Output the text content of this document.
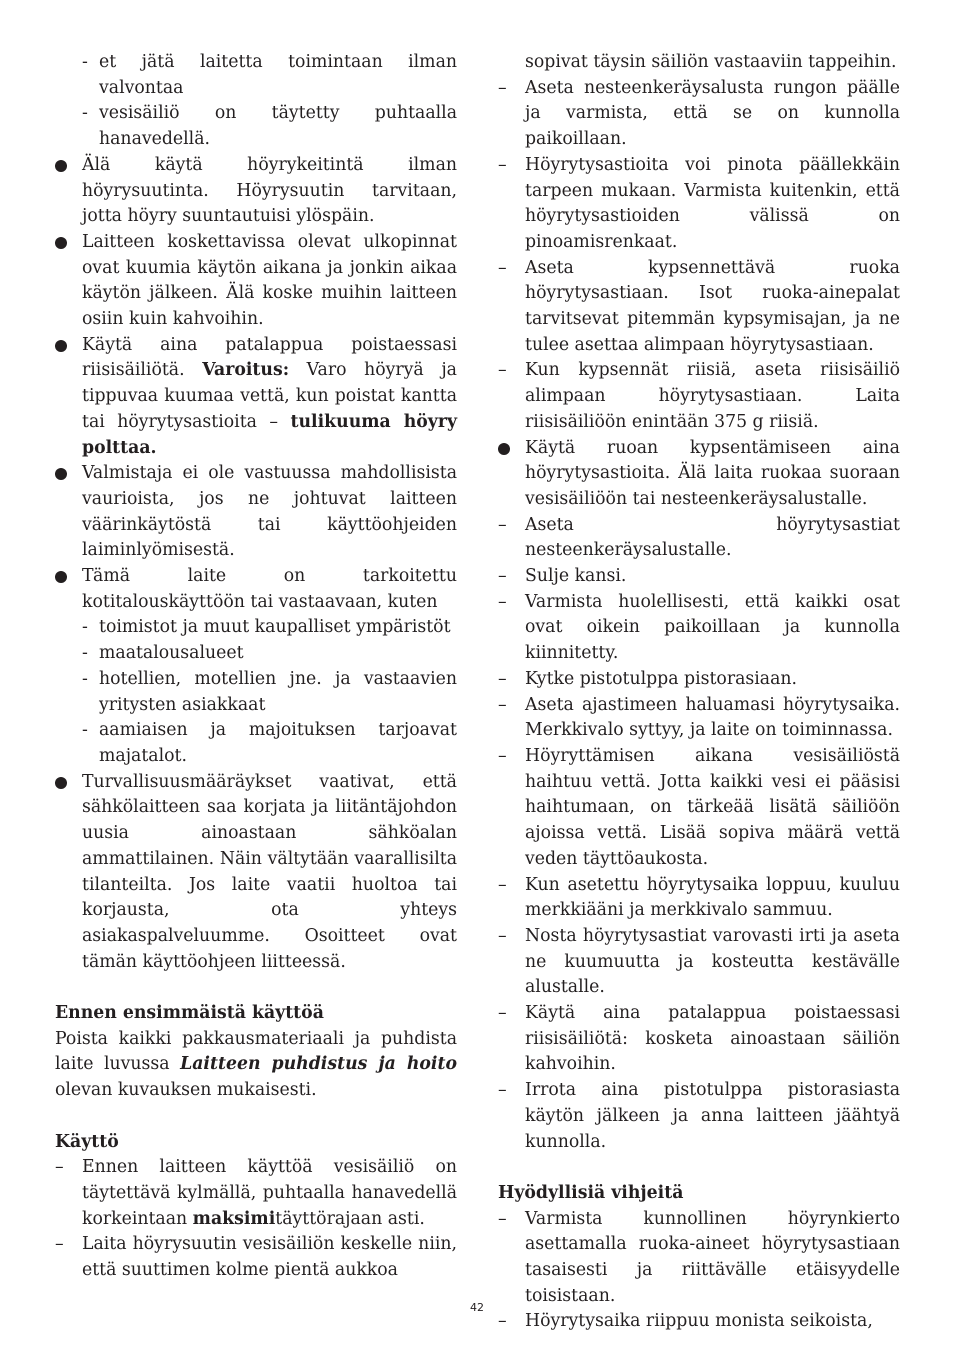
- et jätä laitetta toimintaan ilman valvontaa
- vesisäiliö on täytetty puhtaalla hanavedellä.
Älä käytä höyrykeitintä ilman höyrysuutinta. Höyrysuutin tarvitaan, jotta höyry suuntautuisi ylöspäin.
Laitteen koskettavissa olevat ulkopinnat ovat kuumia käytön aikana ja jonkin aikaa käytön jälkeen. Älä koske muihin laitteen osiin kuin kahvoihin.
Käytä aina patalappua poistaessasi riisisäiliötä. Varoitus: Varo höyryä ja tippuvaa kuumaa vettä, kun poistat kantta tai höyrytysastioita – tulikuuma höyry polttaa.
Valmistaja ei ole vastuussa mahdollisista vaurioista, jos ne johtuvat laitteen väärinkäytöstä tai käyttöohjeiden laiminlyömisestä.
Tämä laite on tarkoitettu kotitalouskäyttöön tai vastaavaan, kuten
- toimistot ja muut kaupalliset ympäristöt
- maatalousalueet
- hotellien, motellien jne. ja vastaavien yritysten asiakkaat
- aamiaisen ja majoituksen tarjoavat majatalot.
Turvallisuusmääräykset vaativat, että sähkölaitteen saa korjata ja liitäntäjohdon uusia ainoastaan sähköalan ammattilainen. Näin vältytään vaarallisilta tilanteilta. Jos laite vaatii huoltoa tai korjausta, ota yhteys asiakaspalveluumme. Osoitteet ovat tämän käyttöohjeen liitteessä.
Ennen ensimmäistä käyttöä
Poista kaikki pakkausmateriaali ja puhdista laite luvussa Laitteen puhdistus ja hoito olevan kuvauksen mukaisesti.
Käyttö
– Ennen laitteen käyttöä vesisäiliö on täytettävä kylmällä, puhtaalla hanavedellä korkeintaan maksimitäyttörajaan asti.
– Laita höyrysuutin vesisäiliön keskelle niin, että suuttimen kolme pientä aukkoa
sopivat täysin säiliön vastaaviin tappeihin.
– Aseta nesteenkeräysalusta rungon päälle ja varmista, että se on kunnolla paikoillaan.
– Höyrytysastioita voi pinota päällekkäin tarpeen mukaan. Varmista kuitenkin, että höyrytysastioiden välissä on pinoamisrenkaat.
– Aseta kypsennettävä ruoka höyrytysastiaan. Isot ruoka-ainepalat tarvitsevat pitemmän kypsymisajan, ja ne tulee asettaa alimpaan höyrytysastiaan.
– Kun kypsennät riisiä, aseta riisisäiliö alimpaan höyrytysastiaan. Laita riisisäiliöön enintään 375 g riisiä.
Käytä ruoan kypsentämiseen aina höyrytysastioita. Älä laita ruokaa suoraan vesisäiliöön tai nesteenkeräysalustalle.
– Aseta höyrytysastiat nesteenkeräysalustalle.
– Sulje kansi.
– Varmista huolellisesti, että kaikki osat ovat oikein paikoillaan ja kunnolla kiinnitetty.
– Kytke pistotulppa pistorasiaan.
– Aseta ajastimeen haluamasi höyrytysaika. Merkkivalo syttyy, ja laite on toiminnassa.
– Höyryttämisen aikana vesisäiliöstä haihtuu vettä. Jotta kaikki vesi ei pääsisi haihtumaan, on tärkeää lisätä säiliöön ajoissa vettä. Lisää sopiva määrä vettä veden täyttöaukosta.
– Kun asetettu höyrytysaika loppuu, kuuluu merkkiääni ja merkkivalo sammuu.
– Nosta höyrytysastiat varovasti irti ja aseta ne kuumuutta ja kosteutta kestävälle alustalle.
– Käytä aina patalappua poistaessasi riisisäiliötä: kosketa ainoastaan säiliön kahvoihin.
– Irrota aina pistotulppa pistorasiasta käytön jälkeen ja anna laitteen jäähtyä kunnolla.
Hyödyllisiä vihjeitä
– Varmista kunnollinen höyrynkierto asettamalla ruoka-aineet höyrytysastiaan tasaisesti ja riittävälle etäisyydelle toisistaan.
– Höyrytysaika riippuu monista seikoista,
42
